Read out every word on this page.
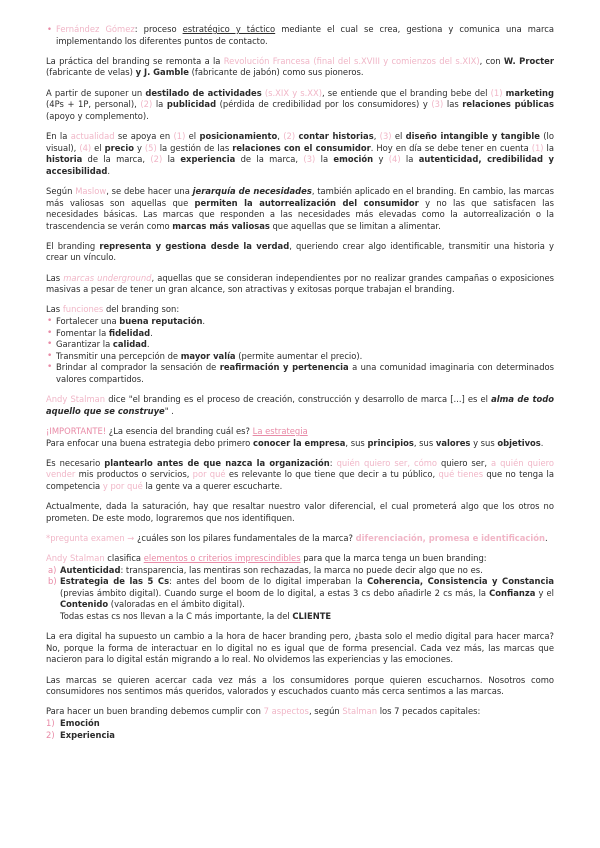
• Fernández Gómez: proceso estratégico y táctico mediante el cual se crea, gestiona y comunica una marca implementando los diferentes puntos de contacto.

La práctica del branding se remonta a la Revolución Francesa (final del s.XVIII y comienzos del s.XIX), con W. Procter (fabricante de velas) y J. Gamble (fabricante de jabón) como sus pioneros.

A partir de suponer un destilado de actividades (s.XIX y s.XX), se entiende que el branding bebe del (1) marketing (4Ps + 1P, personal), (2) la publicidad (pérdida de credibilidad por los consumidores) y (3) las relaciones públicas (apoyo y complemento).

En la actualidad se apoya en (1) el posicionamiento, (2) contar historias, (3) el diseño intangible y tangible (lo visual), (4) el precio y (5) la gestión de las relaciones con el consumidor. Hoy en día se debe tener en cuenta (1) la historia de la marca, (2) la experiencia de la marca, (3) la emoción y (4) la autenticidad, credibilidad y accesibilidad.

Según Maslow, se debe hacer una jerarquía de necesidades, también aplicado en el branding. En cambio, las marcas más valiosas son aquellas que permiten la autorrealización del consumidor y no las que satisfacen las necesidades básicas. Las marcas que responden a las necesidades más elevadas como la autorrealización o la trascendencia se verán como marcas más valiosas que aquellas que se limitan a alimentar.

El branding representa y gestiona desde la verdad, queriendo crear algo identificable, transmitir una historia y crear un vínculo.

Las marcas underground, aquellas que se consideran independientes por no realizar grandes campañas o exposiciones masivas a pesar de tener un gran alcance, son atractivas y exitosas porque trabajan el branding.

Las funciones del branding son:
• Fortalecer una buena reputación.
• Fomentar la fidelidad.
• Garantizar la calidad.
• Transmitir una percepción de mayor valía (permite aumentar el precio).
• Brindar al comprador la sensación de reafirmación y pertenencia a una comunidad imaginaria con determinados valores compartidos.

Andy Stalman dice "el branding es el proceso de creación, construcción y desarrollo de marca [...] es el alma de todo aquello que se construye" .

¡IMPORTANTE! ¿La esencia del branding cuál es? La estrategia
Para enfocar una buena estrategia debo primero conocer la empresa, sus principios, sus valores y sus objetivos.

Es necesario plantearlo antes de que nazca la organización: quién quiero ser, cómo quiero ser, a quién quiero vender mis productos o servicios, por qué es relevante lo que tiene que decir a tu público, qué tienes que no tenga la competencia y por qué la gente va a querer escucharte.

Actualmente, dada la saturación, hay que resaltar nuestro valor diferencial, el cual prometerá algo que los otros no prometen. De este modo, lograremos que nos identifiquen.

*pregunta examen → ¿cuáles son los pilares fundamentales de la marca? diferenciación, promesa e identificación.

Andy Stalman clasifica elementos o criterios imprescindibles para que la marca tenga un buen branding:
a) Autenticidad: transparencia, las mentiras son rechazadas, la marca no puede decir algo que no es.
b) Estrategia de las 5 Cs: antes del boom de lo digital imperaban la Coherencia, Consistencia y Constancia (previas ámbito digital). Cuando surge el boom de lo digital, a estas 3 cs debo añadirle 2 cs más, la Confianza y el Contenido (valoradas en el ámbito digital).
Todas estas cs nos llevan a la C más importante, la del CLIENTE

La era digital ha supuesto un cambio a la hora de hacer branding pero, ¿basta solo el medio digital para hacer marca? No, porque la forma de interactuar en lo digital no es igual que de forma presencial. Cada vez más, las marcas que nacieron para lo digital están migrando a lo real. No olvidemos las experiencias y las emociones.

Las marcas se quieren acercar cada vez más a los consumidores porque quieren escucharnos. Nosotros como consumidores nos sentimos más queridos, valorados y escuchados cuanto más cerca sentimos a las marcas.

Para hacer un buen branding debemos cumplir con 7 aspectos, según Stalman los 7 pecados capitales:
1) Emoción
2) Experiencia
